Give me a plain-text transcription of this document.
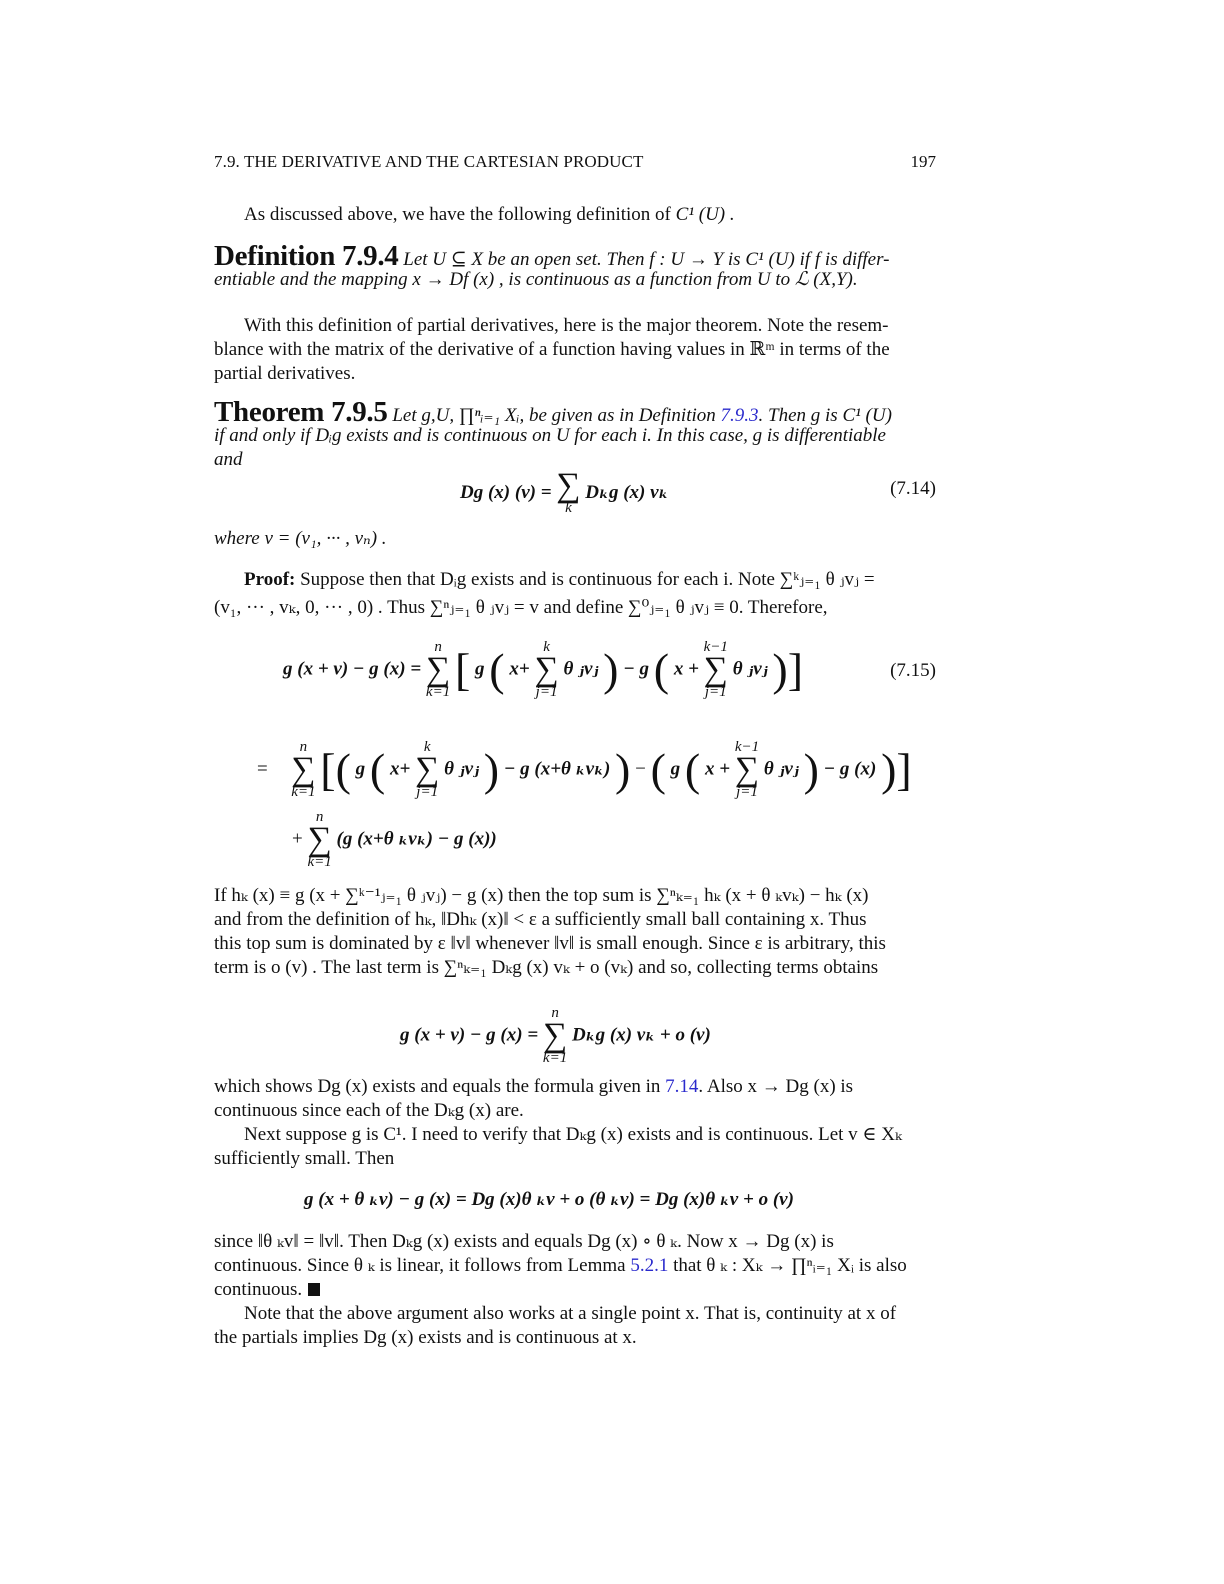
7.9. THE DERIVATIVE AND THE CARTESIAN PRODUCT	197
As discussed above, we have the following definition of C¹ (U) .
Definition 7.9.4 Let U ⊆ X be an open set. Then f : U → Y is C¹ (U) if f is differ-
entiable and the mapping x → Df (x) , is continuous as a function from U to ℒ (X,Y).
With this definition of partial derivatives, here is the major theorem. Note the resem-
blance with the matrix of the derivative of a function having values in ℝᵐ in terms of the
partial derivatives.
Theorem 7.9.5 Let g,U, ∏ⁿᵢ₌₁ Xᵢ, be given as in Definition 7.9.3. Then g is C¹ (U)
if and only if Dᵢg exists and is continuous on U for each i. In this case, g is differentiable
and
Dg (x) (v) = ∑
k Dₖg (x) vₖ	(7.14)
where v = (v₁, ··· , vₙ) .
Proof: Suppose then that Dᵢg exists and is continuous for each i. Note ∑ᵏⱼ₌₁ θ ⱼvⱼ =
(v₁, ··· , vₖ, 0, ··· , 0) . Thus ∑ⁿⱼ₌₁ θ ⱼvⱼ = v and define ∑⁰ⱼ₌₁ θ ⱼvⱼ ≡ 0. Therefore,
g (x + v) − g (x) = n
∑
k=1 [ g ( x+ k
∑
j=1 θ ⱼvⱼ ) − g ( x + k−1
∑
j=1 θ ⱼvⱼ )]	(7.15)
=  n
∑
k=1 [( g ( x+ k
∑
j=1 θ ⱼvⱼ ) − g (x+θ ₖvₖ) ) − ( g ( x + k−1
∑
j=1 θ ⱼvⱼ ) − g (x) )]
+ n
∑
k=1 (g (x+θ ₖvₖ) − g (x))
If hₖ (x) ≡ g (x + ∑ᵏ⁻¹ⱼ₌₁ θ ⱼvⱼ) − g (x) then the top sum is ∑ⁿₖ₌₁ hₖ (x + θ ₖvₖ) − hₖ (x)
and from the definition of hₖ, ‖Dhₖ (x)‖ < ε a sufficiently small ball containing x. Thus
this top sum is dominated by ε ‖v‖ whenever ‖v‖ is small enough. Since ε is arbitrary, this
term is o (v) . The last term is ∑ⁿₖ₌₁ Dₖg (x) vₖ + o (vₖ) and so, collecting terms obtains
g (x + v) − g (x) = n
∑
k=1 Dₖg (x) vₖ + o (v)
which shows Dg (x) exists and equals the formula given in 7.14. Also x → Dg (x) is
continuous since each of the Dₖg (x) are.
Next suppose g is C¹. I need to verify that Dₖg (x) exists and is continuous. Let v ∈ Xₖ
sufficiently small. Then
g (x + θ ₖv) − g (x) = Dg (x)θ ₖv + o (θ ₖv) = Dg (x)θ ₖv + o (v)
since ‖θ ₖv‖ = ‖v‖. Then Dₖg (x) exists and equals Dg (x) ∘ θ ₖ. Now x → Dg (x) is
continuous. Since θ ₖ is linear, it follows from Lemma 5.2.1 that θ ₖ : Xₖ → ∏ⁿᵢ₌₁ Xᵢ is also
continuous.
Note that the above argument also works at a single point x. That is, continuity at x of
the partials implies Dg (x) exists and is continuous at x.
